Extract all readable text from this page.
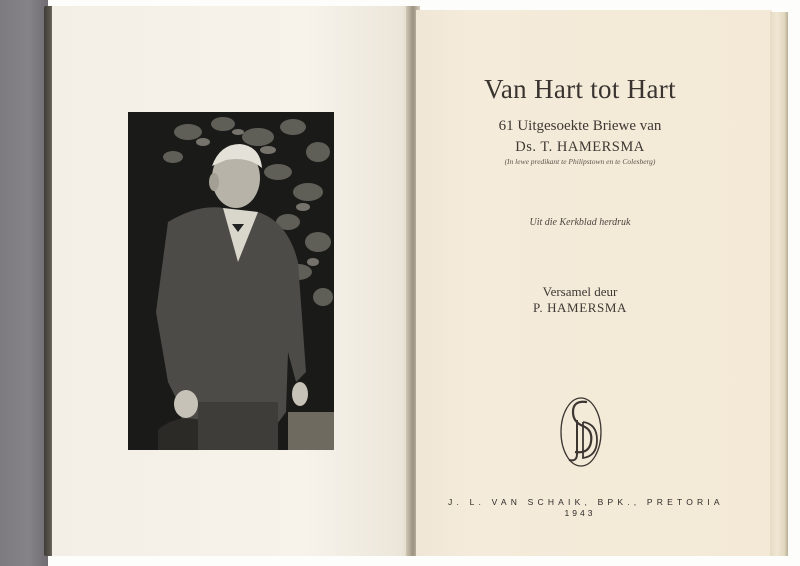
Van Hart tot Hart
61 Uitgesoekte Briewe van
Ds. T. HAMERSMA
(In lewe predikant te Philipstown en te Colesberg)
Uit die Kerkblad herdruk
Versamel deur
P. HAMERSMA
J. L. VAN SCHAIK, BPK., PRETORIA
1943
